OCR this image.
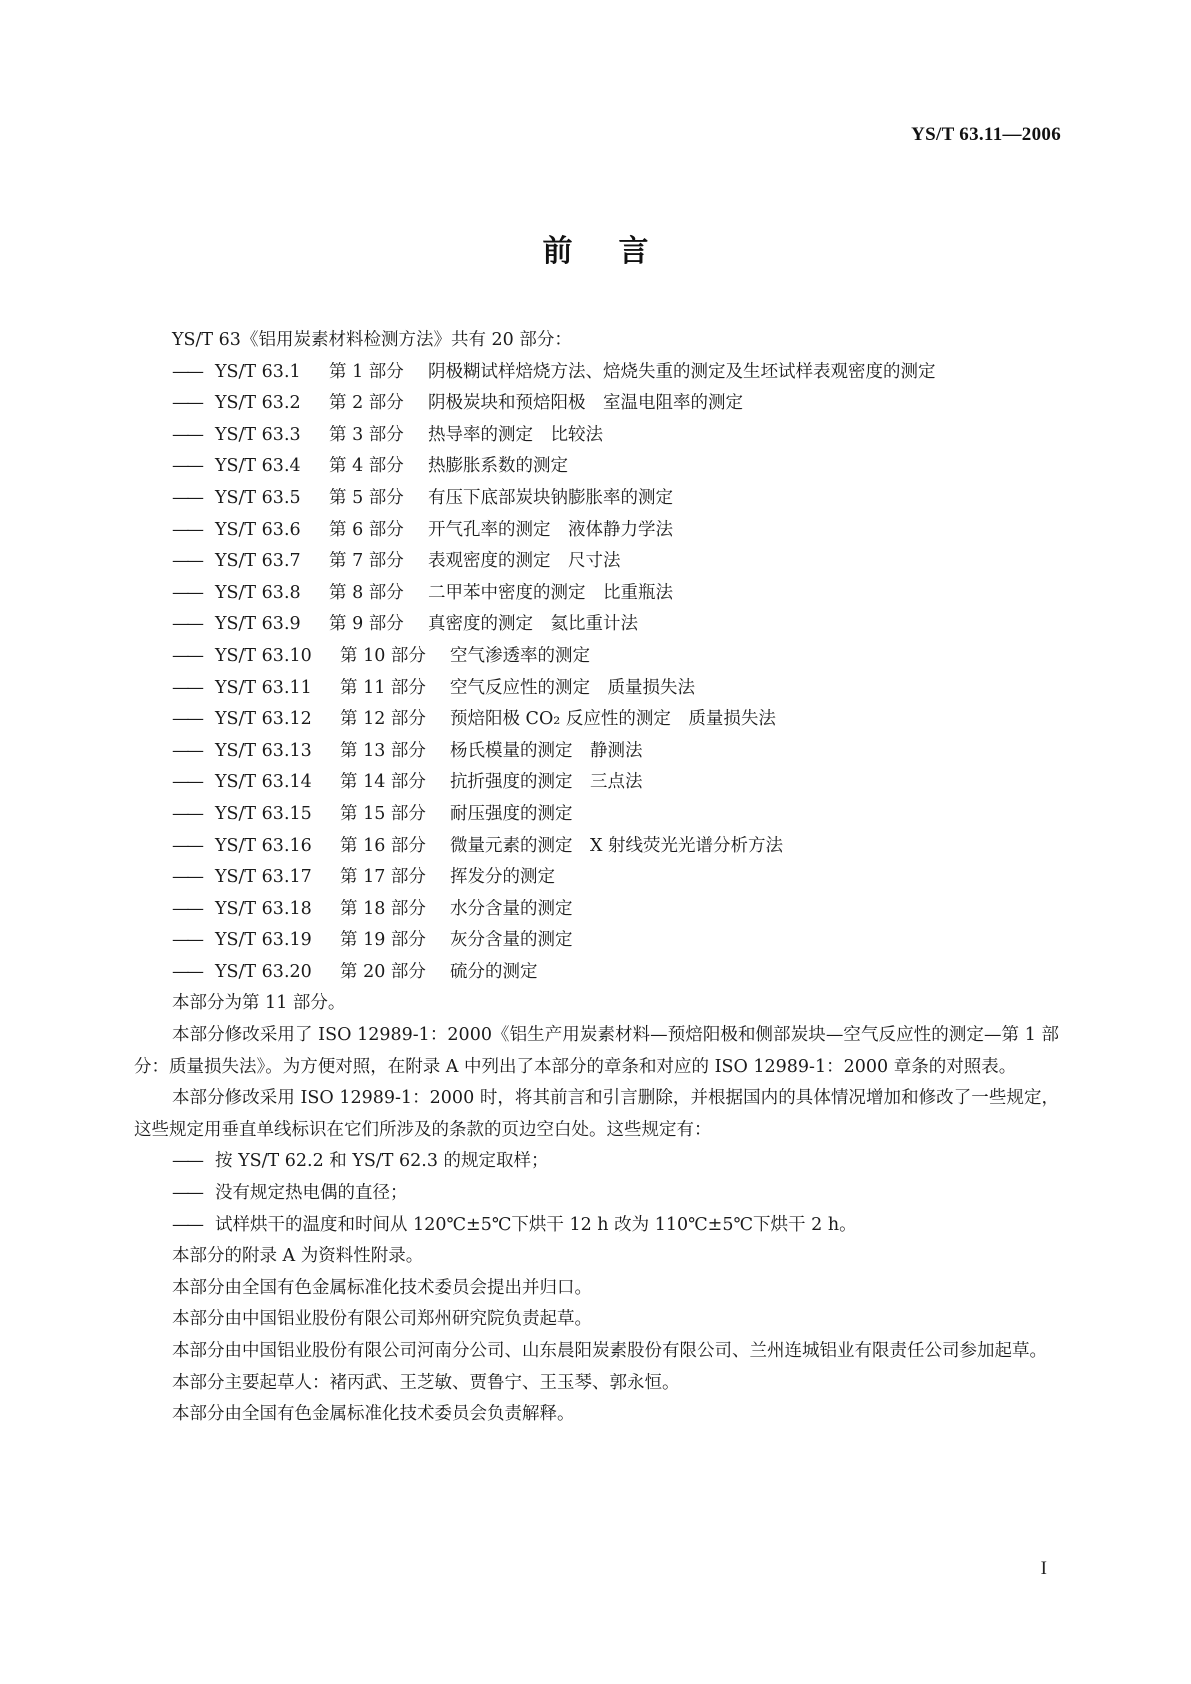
YS/T 63.11—2006
前言

YS/T 63《铝用炭素材料检测方法》共有 20 部分：

—— YS/T 63.1	第 1 部分	阴极糊试样焙烧方法、焙烧失重的测定及生坯试样表观密度的测定
—— YS/T 63.2	第 2 部分	阴极炭块和预焙阳极　室温电阻率的测定
—— YS/T 63.3	第 3 部分	热导率的测定　比较法
—— YS/T 63.4	第 4 部分	热膨胀系数的测定
—— YS/T 63.5	第 5 部分	有压下底部炭块钠膨胀率的测定
—— YS/T 63.6	第 6 部分	开气孔率的测定　液体静力学法
—— YS/T 63.7	第 7 部分	表观密度的测定　尺寸法
—— YS/T 63.8	第 8 部分	二甲苯中密度的测定　比重瓶法
—— YS/T 63.9	第 9 部分	真密度的测定　氦比重计法
—— YS/T 63.10	第 10 部分	空气渗透率的测定
—— YS/T 63.11	第 11 部分	空气反应性的测定　质量损失法
—— YS/T 63.12	第 12 部分	预焙阳极 CO₂ 反应性的测定　质量损失法
—— YS/T 63.13	第 13 部分	杨氏模量的测定　静测法
—— YS/T 63.14	第 14 部分	抗折强度的测定　三点法
—— YS/T 63.15	第 15 部分	耐压强度的测定
—— YS/T 63.16	第 16 部分	微量元素的测定　X 射线荧光光谱分析方法
—— YS/T 63.17	第 17 部分	挥发分的测定
—— YS/T 63.18	第 18 部分	水分含量的测定
—— YS/T 63.19	第 19 部分	灰分含量的测定
—— YS/T 63.20	第 20 部分	硫分的测定

本部分为第 11 部分。

本部分修改采用了 ISO 12989-1：2000《铝生产用炭素材料—预焙阳极和侧部炭块—空气反应性的测定—第 1 部分：质量损失法》。为方便对照，在附录 A 中列出了本部分的章条和对应的 ISO 12989-1：2000 章条的对照表。

本部分修改采用 ISO 12989-1：2000 时，将其前言和引言删除，并根据国内的具体情况增加和修改了一些规定，这些规定用垂直单线标识在它们所涉及的条款的页边空白处。这些规定有：

—— 按 YS/T 62.2 和 YS/T 62.3 的规定取样；
—— 没有规定热电偶的直径；
—— 试样烘干的温度和时间从 120℃±5℃下烘干 12 h 改为 110℃±5℃下烘干 2 h。

本部分的附录 A 为资料性附录。

本部分由全国有色金属标准化技术委员会提出并归口。

本部分由中国铝业股份有限公司郑州研究院负责起草。

本部分由中国铝业股份有限公司河南分公司、山东晨阳炭素股份有限公司、兰州连城铝业有限责任公司参加起草。

本部分主要起草人：褚丙武、王芝敏、贾鲁宁、王玉琴、郭永恒。

本部分由全国有色金属标准化技术委员会负责解释。

I
